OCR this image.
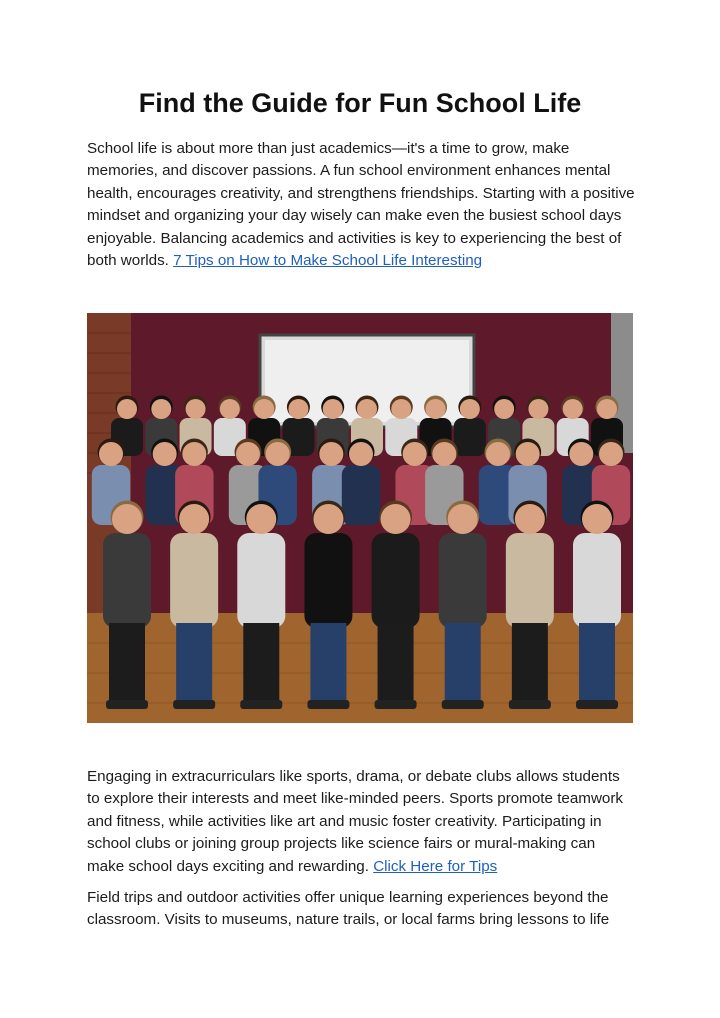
Find the Guide for Fun School Life

School life is about more than just academics—it's a time to grow, make memories, and discover passions. A fun school environment enhances mental health, encourages creativity, and strengthens friendships. Starting with a positive mindset and organizing your day wisely can make even the busiest school days enjoyable. Balancing academics and activities is key to experiencing the best of both worlds. 7 Tips on How to Make School Life Interesting

Engaging in extracurriculars like sports, drama, or debate clubs allows students to explore their interests and meet like-minded peers. Sports promote teamwork and fitness, while activities like art and music foster creativity. Participating in school clubs or joining group projects like science fairs or mural-making can make school days exciting and rewarding. Click Here for Tips

Field trips and outdoor activities offer unique learning experiences beyond the classroom. Visits to museums, nature trails, or local farms bring lessons to life
